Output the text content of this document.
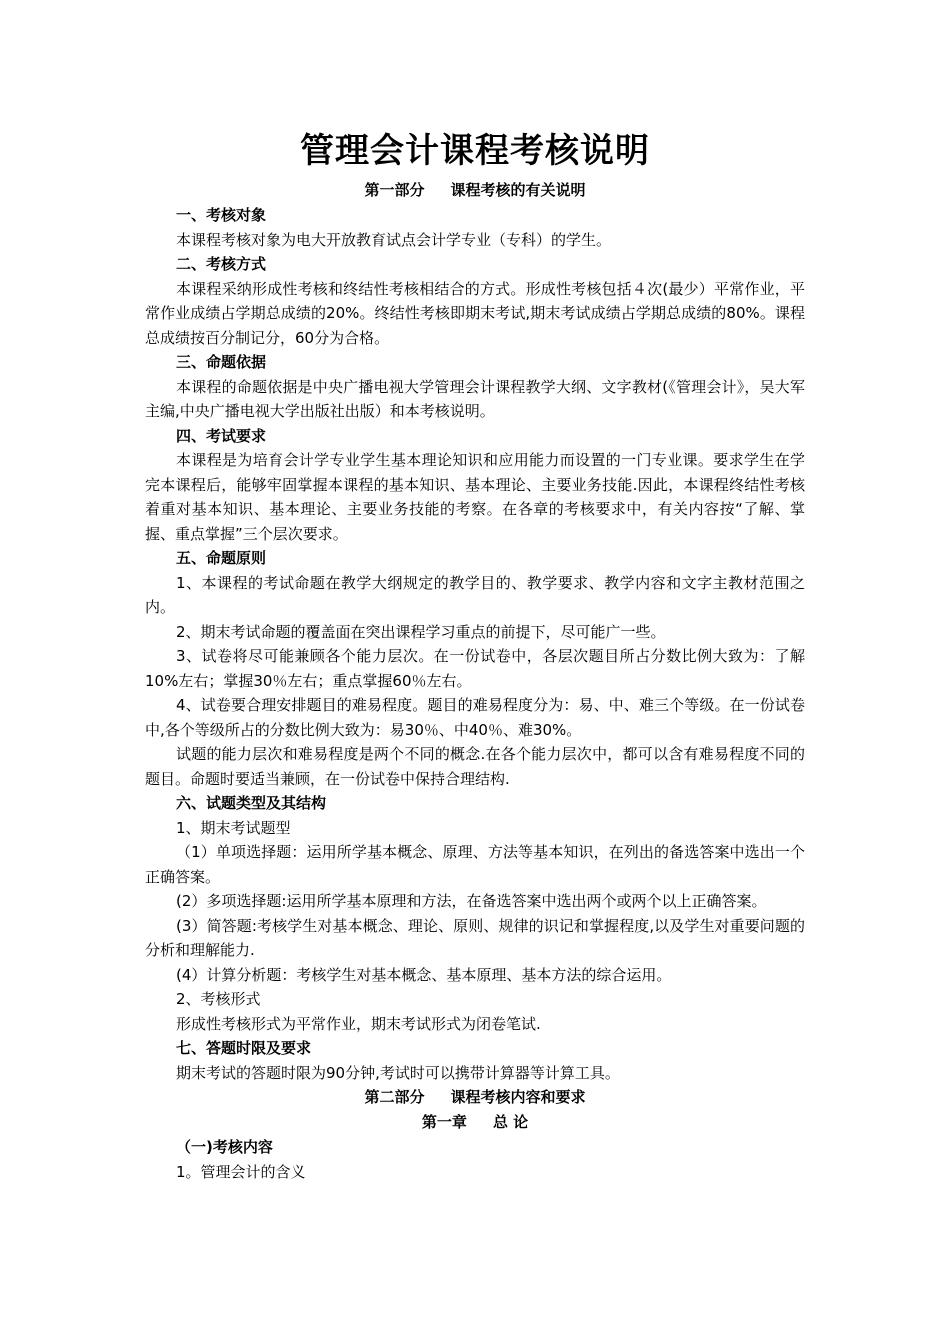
管理会计课程考核说明
第一部分     课程考核的有关说明
一、考核对象
本课程考核对象为电大开放教育试点会计学专业（专科）的学生。
二、考核方式
本课程采纳形成性考核和终结性考核相结合的方式。形成性考核包括４次(最少）平常作业，平常作业成绩占学期总成绩的20%。终结性考核即期末考试,期末考试成绩占学期总成绩的80%。课程总成绩按百分制记分，60分为合格。
三、命题依据
本课程的命题依据是中央广播电视大学管理会计课程教学大纲、文字教材(《管理会计》，吴大军主编,中央广播电视大学出版社出版）和本考核说明。
四、考试要求
本课程是为培育会计学专业学生基本理论知识和应用能力而设置的一门专业课。要求学生在学完本课程后，能够牢固掌握本课程的基本知识、基本理论、主要业务技能.因此，本课程终结性考核着重对基本知识、基本理论、主要业务技能的考察。在各章的考核要求中，有关内容按“了解、掌握、重点掌握”三个层次要求。
五、命题原则
1、本课程的考试命题在教学大纲规定的教学目的、教学要求、教学内容和文字主教材范围之内。
2、期末考试命题的覆盖面在突出课程学习重点的前提下，尽可能广一些。
3、试卷将尽可能兼顾各个能力层次。在一份试卷中，各层次题目所占分数比例大致为：了解10%左右；掌握30％左右；重点掌握60％左右。
4、试卷要合理安排题目的难易程度。题目的难易程度分为：易、中、难三个等级。在一份试卷中,各个等级所占的分数比例大致为：易30％、中40％、难30%。
试题的能力层次和难易程度是两个不同的概念.在各个能力层次中，都可以含有难易程度不同的题目。命题时要适当兼顾，在一份试卷中保持合理结构.
六、试题类型及其结构
1、期末考试题型
（1）单项选择题：运用所学基本概念、原理、方法等基本知识，在列出的备选答案中选出一个正确答案。
(2）多项选择题:运用所学基本原理和方法，在备选答案中选出两个或两个以上正确答案。
(3）简答题:考核学生对基本概念、理论、原则、规律的识记和掌握程度,以及学生对重要问题的分析和理解能力.
(4）计算分析题：考核学生对基本概念、基本原理、基本方法的综合运用。
2、考核形式
形成性考核形式为平常作业，期末考试形式为闭卷笔试.
七、答题时限及要求
期末考试的答题时限为90分钟,考试时可以携带计算器等计算工具。
第二部分     课程考核内容和要求
第一章     总 论
（一)考核内容
1。管理会计的含义
